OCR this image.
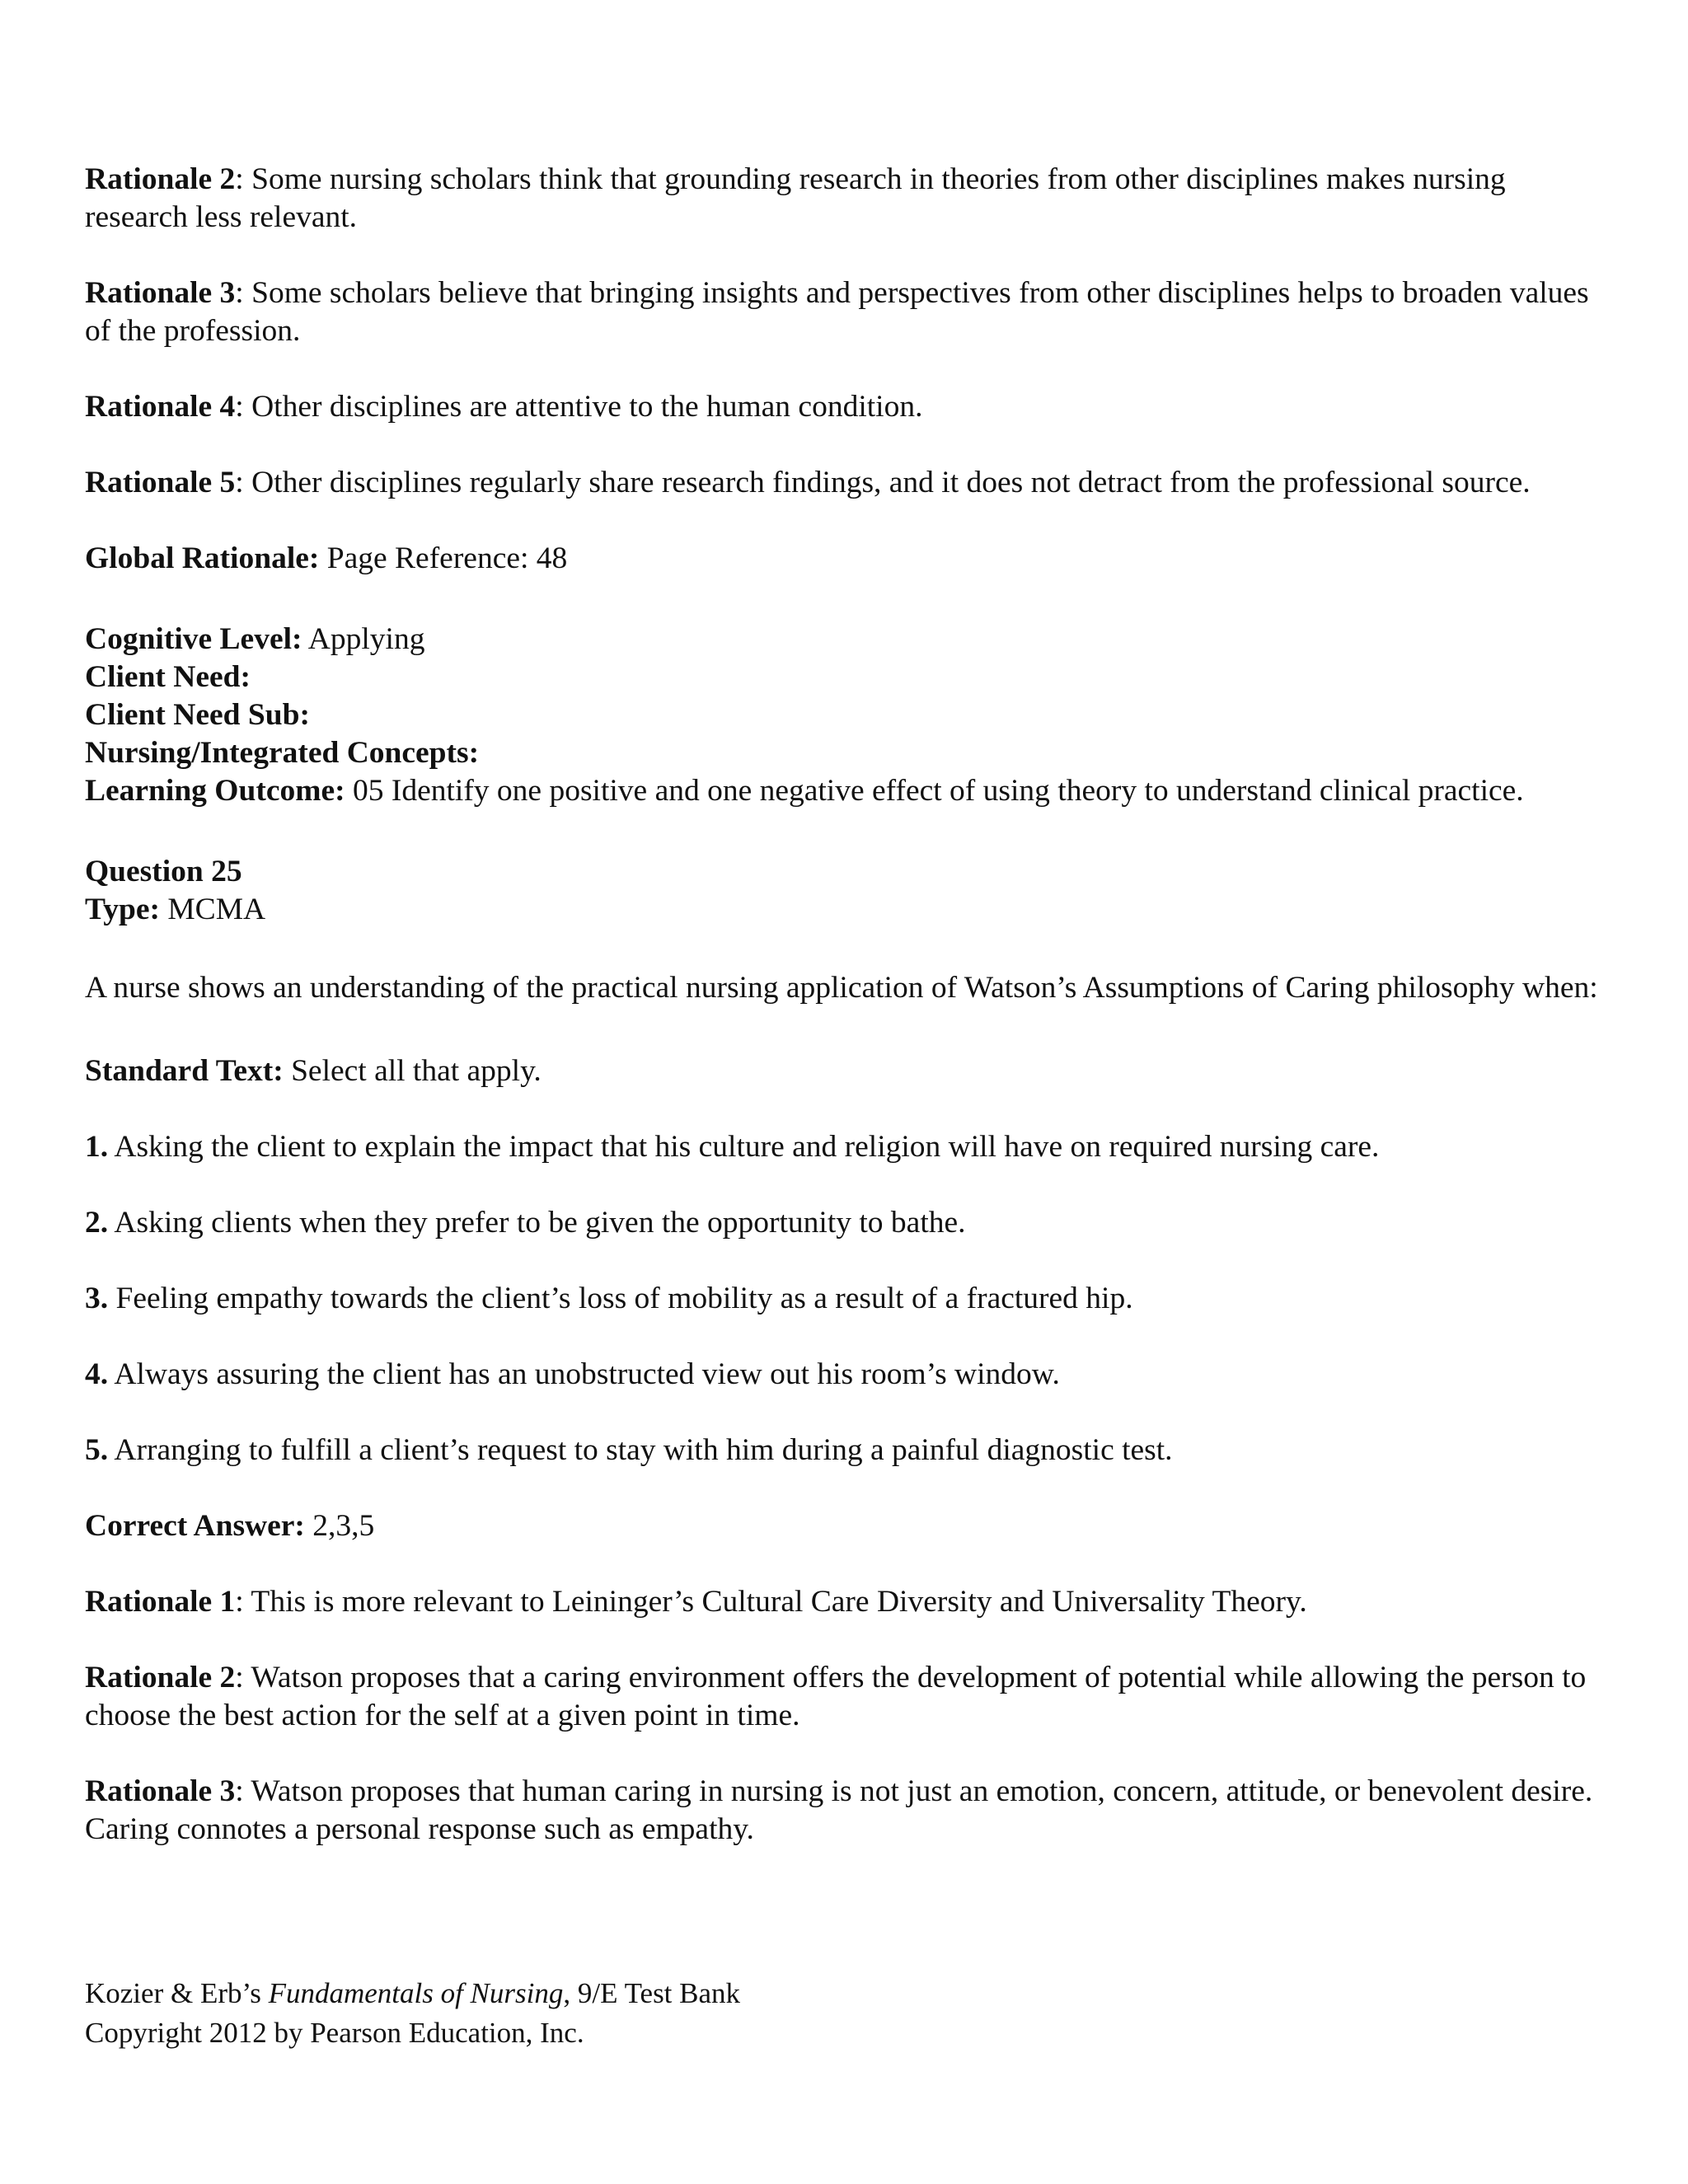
Rationale 2: Some nursing scholars think that grounding research in theories from other disciplines makes nursing research less relevant.

Rationale 3: Some scholars believe that bringing insights and perspectives from other disciplines helps to broaden values of the profession.

Rationale 4: Other disciplines are attentive to the human condition.

Rationale 5: Other disciplines regularly share research findings, and it does not detract from the professional source.

Global Rationale: Page Reference: 48

Cognitive Level: Applying

Client Need:

Client Need Sub:

Nursing/Integrated Concepts:

Learning Outcome: 05 Identify one positive and one negative effect of using theory to understand clinical practice.

Question 25

Type: MCMA

A nurse shows an understanding of the practical nursing application of Watson’s Assumptions of Caring philosophy when:

Standard Text: Select all that apply.

1. Asking the client to explain the impact that his culture and religion will have on required nursing care.

2. Asking clients when they prefer to be given the opportunity to bathe.

3. Feeling empathy towards the client’s loss of mobility as a result of a fractured hip.

4. Always assuring the client has an unobstructed view out his room’s window.

5. Arranging to fulfill a client’s request to stay with him during a painful diagnostic test.

Correct Answer: 2,3,5

Rationale 1: This is more relevant to Leininger’s Cultural Care Diversity and Universality Theory.

Rationale 2: Watson proposes that a caring environment offers the development of potential while allowing the person to choose the best action for the self at a given point in time.

Rationale 3: Watson proposes that human caring in nursing is not just an emotion, concern, attitude, or benevolent desire. Caring connotes a personal response such as empathy.

Kozier & Erb’s Fundamentals of Nursing, 9/E Test Bank
Copyright 2012 by Pearson Education, Inc.
